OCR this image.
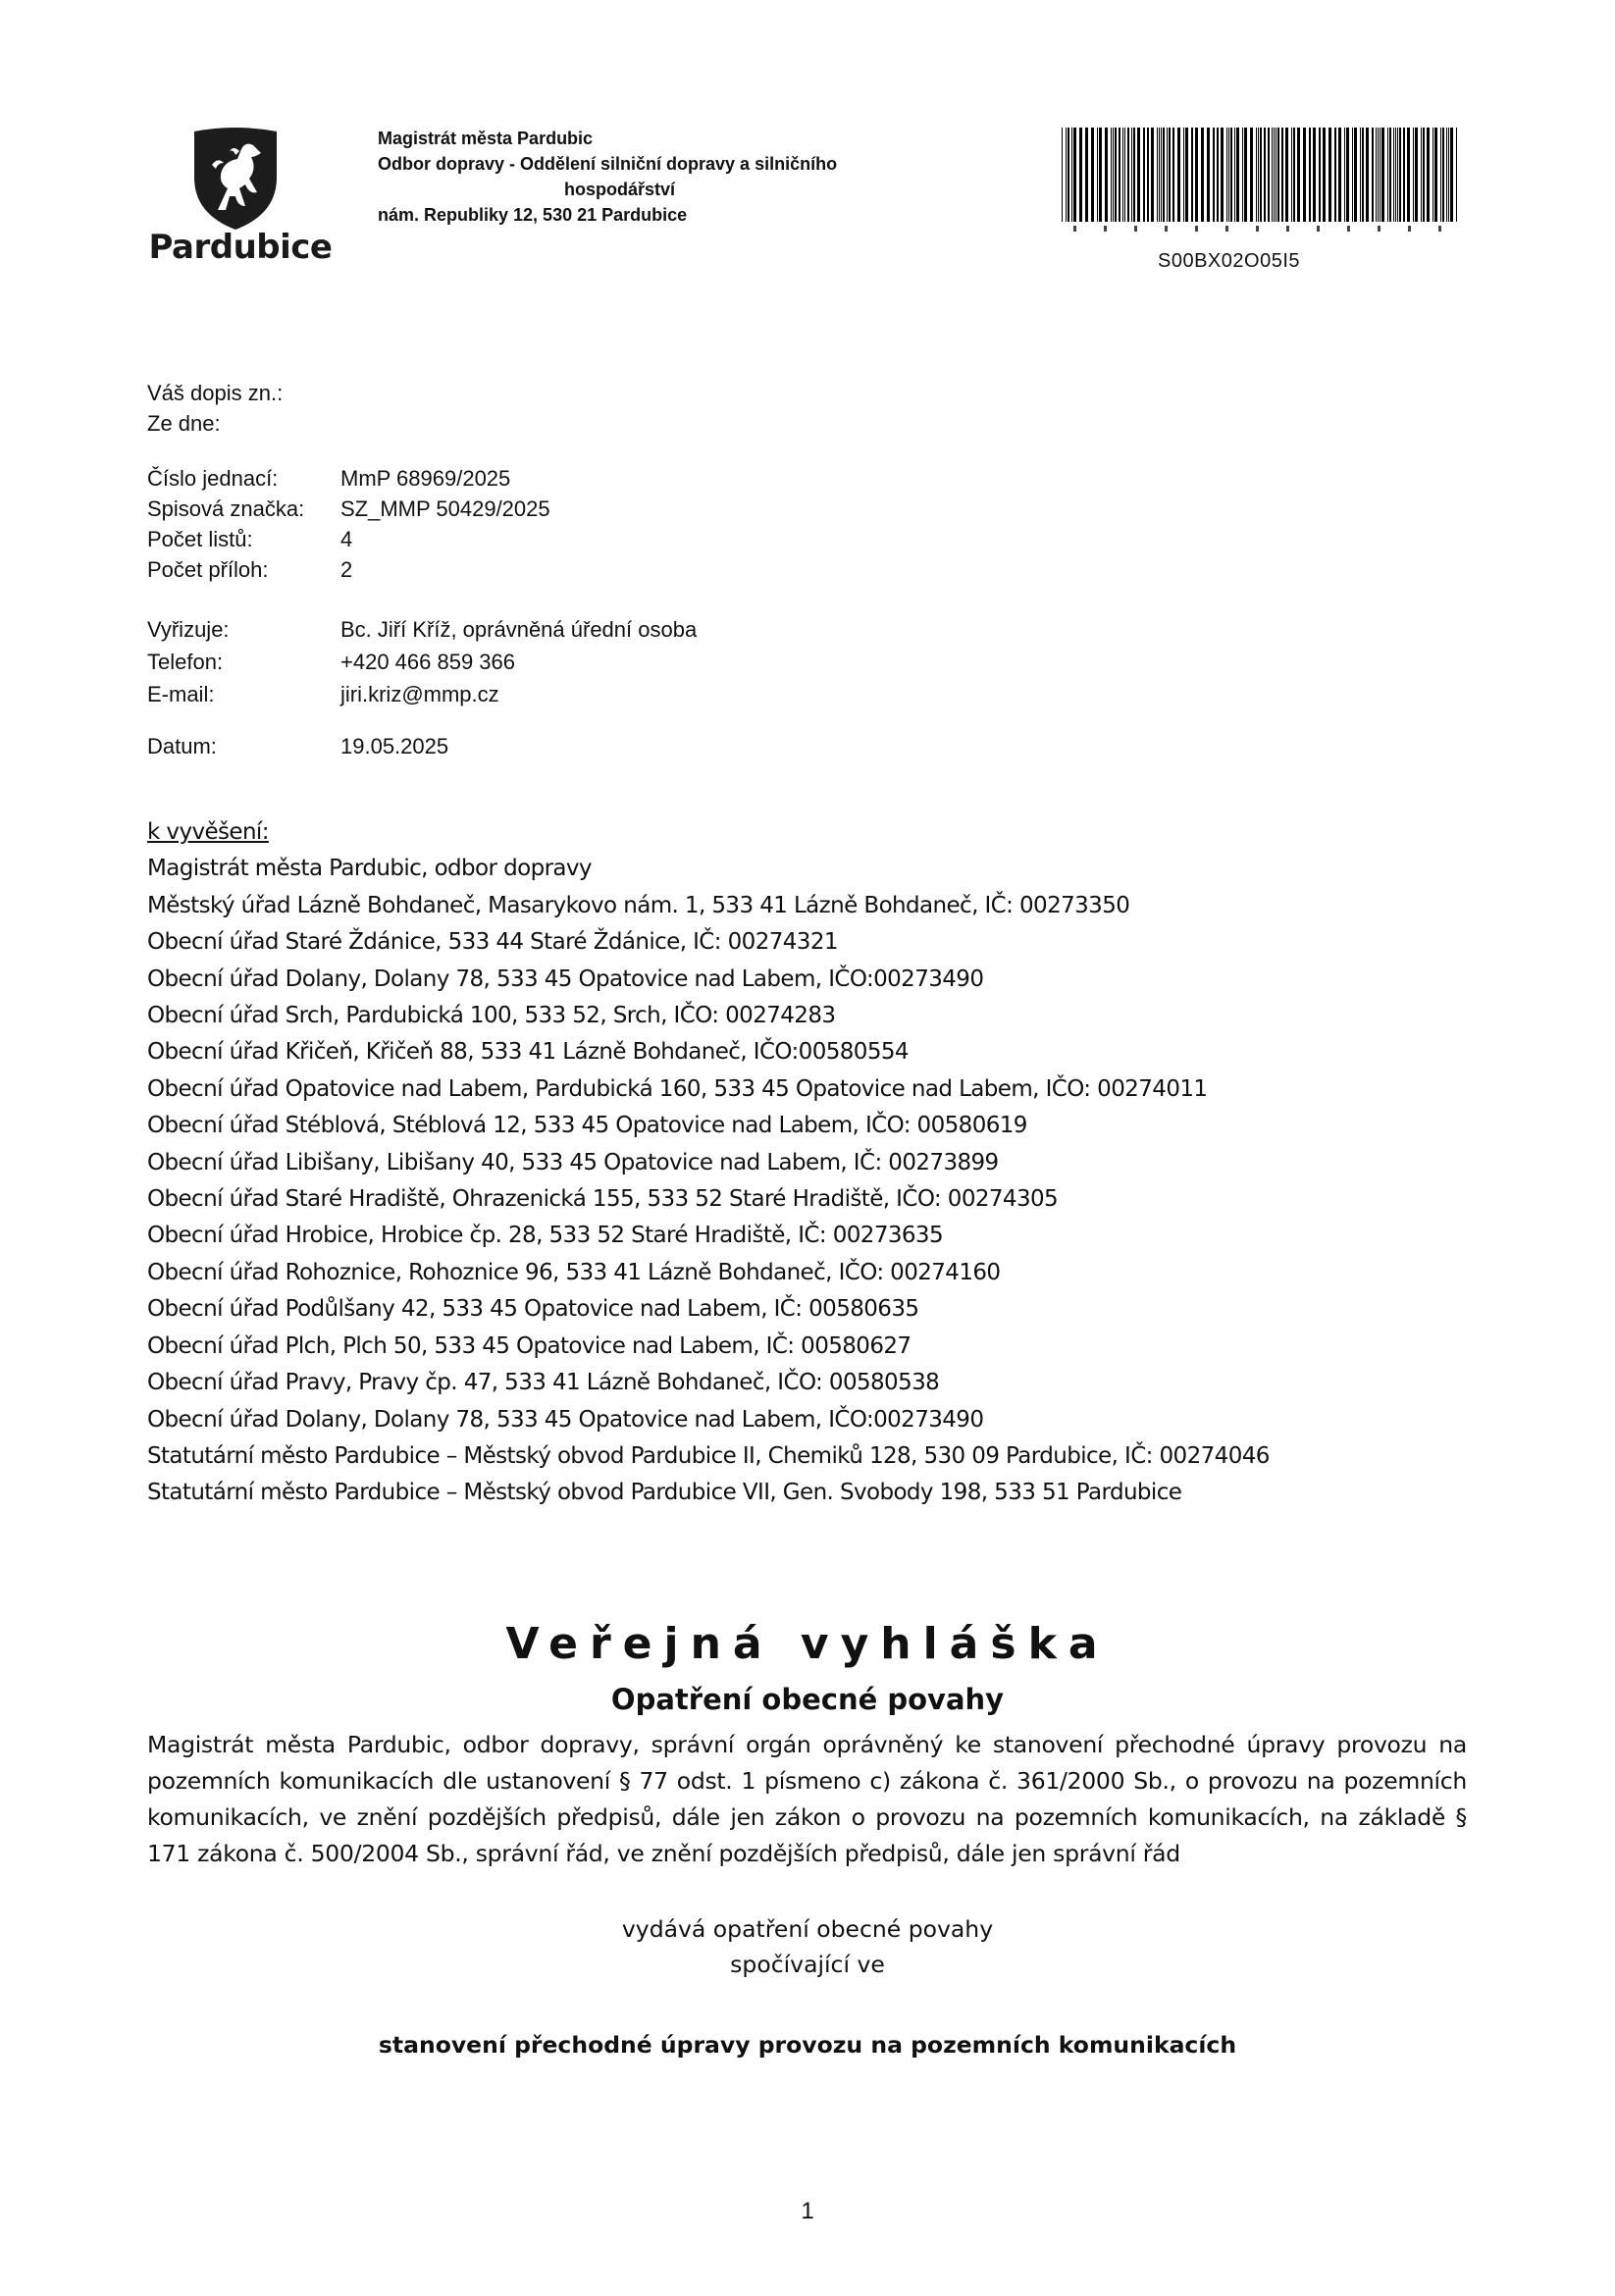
Pardubice
Magistrát města Pardubic
Odbor dopravy - Oddělení silniční dopravy a silničního
hospodářství
nám. Republiky 12, 530 21 Pardubice
S00BX02O05I5
Váš dopis zn.:
Ze dne:
Číslo jednací:	MmP 68969/2025
Spisová značka:	SZ_MMP 50429/2025
Počet listů:	4
Počet příloh:	2
Vyřizuje:	Bc. Jiří Kříž, oprávněná úřední osoba
Telefon:	+420 466 859 366
E-mail:	jiri.kriz@mmp.cz
Datum:	19.05.2025
k vyvěšení:
Magistrát města Pardubic, odbor dopravy
Městský úřad Lázně Bohdaneč, Masarykovo nám. 1, 533 41 Lázně Bohdaneč, IČ: 00273350
Obecní úřad Staré Ždánice, 533 44 Staré Ždánice, IČ: 00274321
Obecní úřad Dolany, Dolany 78, 533 45 Opatovice nad Labem, IČO:00273490
Obecní úřad Srch, Pardubická 100, 533 52, Srch, IČO: 00274283
Obecní úřad Křičeň, Křičeň 88, 533 41 Lázně Bohdaneč, IČO:00580554
Obecní úřad Opatovice nad Labem, Pardubická 160, 533 45 Opatovice nad Labem, IČO: 00274011
Obecní úřad Stéblová, Stéblová 12, 533 45 Opatovice nad Labem, IČO: 00580619
Obecní úřad Libišany, Libišany 40, 533 45 Opatovice nad Labem, IČ: 00273899
Obecní úřad Staré Hradiště, Ohrazenická 155, 533 52 Staré Hradiště, IČO: 00274305
Obecní úřad Hrobice, Hrobice čp. 28, 533 52 Staré Hradiště, IČ: 00273635
Obecní úřad Rohoznice, Rohoznice 96, 533 41 Lázně Bohdaneč, IČO: 00274160
Obecní úřad Podůlšany 42, 533 45 Opatovice nad Labem, IČ: 00580635
Obecní úřad Plch, Plch 50, 533 45 Opatovice nad Labem, IČ: 00580627
Obecní úřad Pravy, Pravy čp. 47, 533 41 Lázně Bohdaneč, IČO: 00580538
Obecní úřad Dolany, Dolany 78, 533 45 Opatovice nad Labem, IČO:00273490
Statutární město Pardubice – Městský obvod Pardubice II, Chemiků 128, 530 09 Pardubice, IČ: 00274046
Statutární město Pardubice – Městský obvod Pardubice VII, Gen. Svobody 198, 533 51 Pardubice
Veřejná vyhláška
Opatření obecné povahy
Magistrát města Pardubic, odbor dopravy, správní orgán oprávněný ke stanovení přechodné úpravy provozu na pozemních komunikacích dle ustanovení § 77 odst. 1 písmeno c) zákona č. 361/2000 Sb., o provozu na pozemních komunikacích, ve znění pozdějších předpisů, dále jen zákon o provozu na pozemních komunikacích, na základě § 171 zákona č. 500/2004 Sb., správní řád, ve znění pozdějších předpisů, dále jen správní řád
vydává opatření obecné povahy
spočívající ve
stanovení přechodné úpravy provozu na pozemních komunikacích
1
